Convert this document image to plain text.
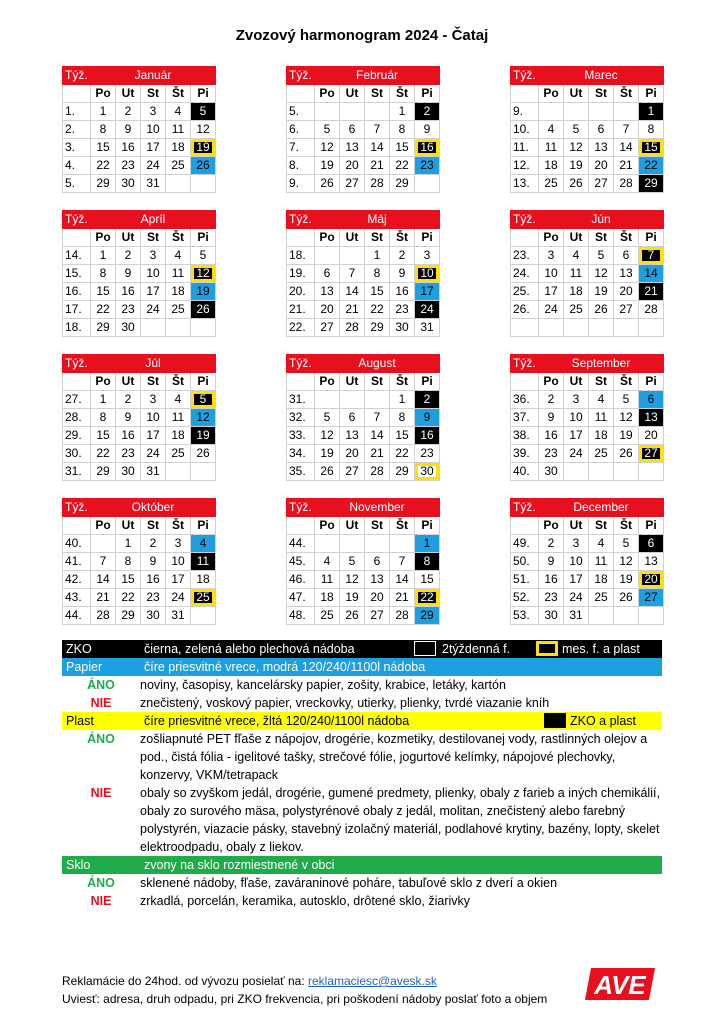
Zvozový harmonogram 2024 - Čataj
Týž.	Január				
	Po	Ut	St	Št	Pi
1.	1	2	3	4	5
2.	8	9	10	11	12
3.	15	16	17	18	19
4.	22	23	24	25	26
5.	29	30	31		
Týž.	Február				
	Po	Ut	St	Št	Pi
5.				1	2
6.	5	6	7	8	9
7.	12	13	14	15	16
8.	19	20	21	22	23
9.	26	27	28	29	
Týž.	Marec				
	Po	Ut	St	Št	Pi
9.					1
10.	4	5	6	7	8
11.	11	12	13	14	15
12.	18	19	20	21	22
13.	25	26	27	28	29
Týž.	Apríl				
	Po	Ut	St	Št	Pi
14.	1	2	3	4	5
15.	8	9	10	11	12
16.	15	16	17	18	19
17.	22	23	24	25	26
18.	29	30			
Týž.	Máj				
	Po	Ut	St	Št	Pi
18.			1	2	3
19.	6	7	8	9	10
20.	13	14	15	16	17
21.	20	21	22	23	24
22.	27	28	29	30	31
Týž.	Jún				
	Po	Ut	St	Št	Pi
23.	3	4	5	6	7
24.	10	11	12	13	14
25.	17	18	19	20	21
26.	24	25	26	27	28

Týž.	Júl				
	Po	Ut	St	Št	Pi
27.	1	2	3	4	5
28.	8	9	10	11	12
29.	15	16	17	18	19
30.	22	23	24	25	26
31.	29	30	31		
Týž.	August				
	Po	Ut	St	Št	Pi
31.				1	2
32.	5	6	7	8	9
33.	12	13	14	15	16
34.	19	20	21	22	23
35.	26	27	28	29	30
Týž.	September				
	Po	Ut	St	Št	Pi
36.	2	3	4	5	6
37.	9	10	11	12	13
38.	16	17	18	19	20
39.	23	24	25	26	27
40.	30				
Týž.	Október				
	Po	Ut	St	Št	Pi
40.		1	2	3	4
41.	7	8	9	10	11
42.	14	15	16	17	18
43.	21	22	23	24	25
44.	28	29	30	31	
Týž.	November				
	Po	Ut	St	Št	Pi
44.					1
45.	4	5	6	7	8
46.	11	12	13	14	15
47.	18	19	20	21	22
48.	25	26	27	28	29
Týž.	December				
	Po	Ut	St	Št	Pi
49.	2	3	4	5	6
50.	9	10	11	12	13
51.	16	17	18	19	20
52.	23	24	25	26	27
53.	30	31			
ZKO	čierna, zelená alebo plechová nádoba	2týždenná f.	mes. f. a plast
Papier	číre priesvitné vrece, modrá 120/240/1100l nádoba
ÁNO	noviny, časopisy, kancelársky papier, zošity, krabice, letáky, kartón
NIE	znečistený, voskový papier, vreckovky, utierky, plienky, tvrdé viazanie kníh
Plast	číre priesvitné vrece, žltá 120/240/1100l nádoba	ZKO a plast
ÁNO	zošliapnuté PET fľaše z nápojov, drogérie, kozmetiky, destilovanej vody, rastlinných olejov a
pod., čistá fólia - igelitové tašky, strečové fólie, jogurtové kelímky, nápojové plechovky,
konzervy, VKM/tetrapack
NIE	obaly so zvyškom jedál, drogérie, gumené predmety, plienky, obaly z farieb a iných chemikálií,
obaly zo surového mäsa, polystyrénové obaly z jedál, molitan, znečistený alebo farebný
polystyrén, viazacie pásky, stavebný izolačný materiál, podlahové krytiny, bazény, lopty, skelet
elektroodpadu, obaly z liekov.
Sklo	zvony na sklo rozmiestnené v obci
ÁNO	sklenené nádoby, fľaše, zaváraninové poháre, tabuľové sklo z dverí a okien
NIE	zrkadlá, porcelán, keramika, autosklo, drôtené sklo, žiarivky
Reklamácie do 24hod. od vývozu posielať na: reklamaciesc@avesk.sk
Uviesť: adresa, druh odpadu, pri ZKO frekvencia, pri poškodení nádoby poslať foto a objem AVE
